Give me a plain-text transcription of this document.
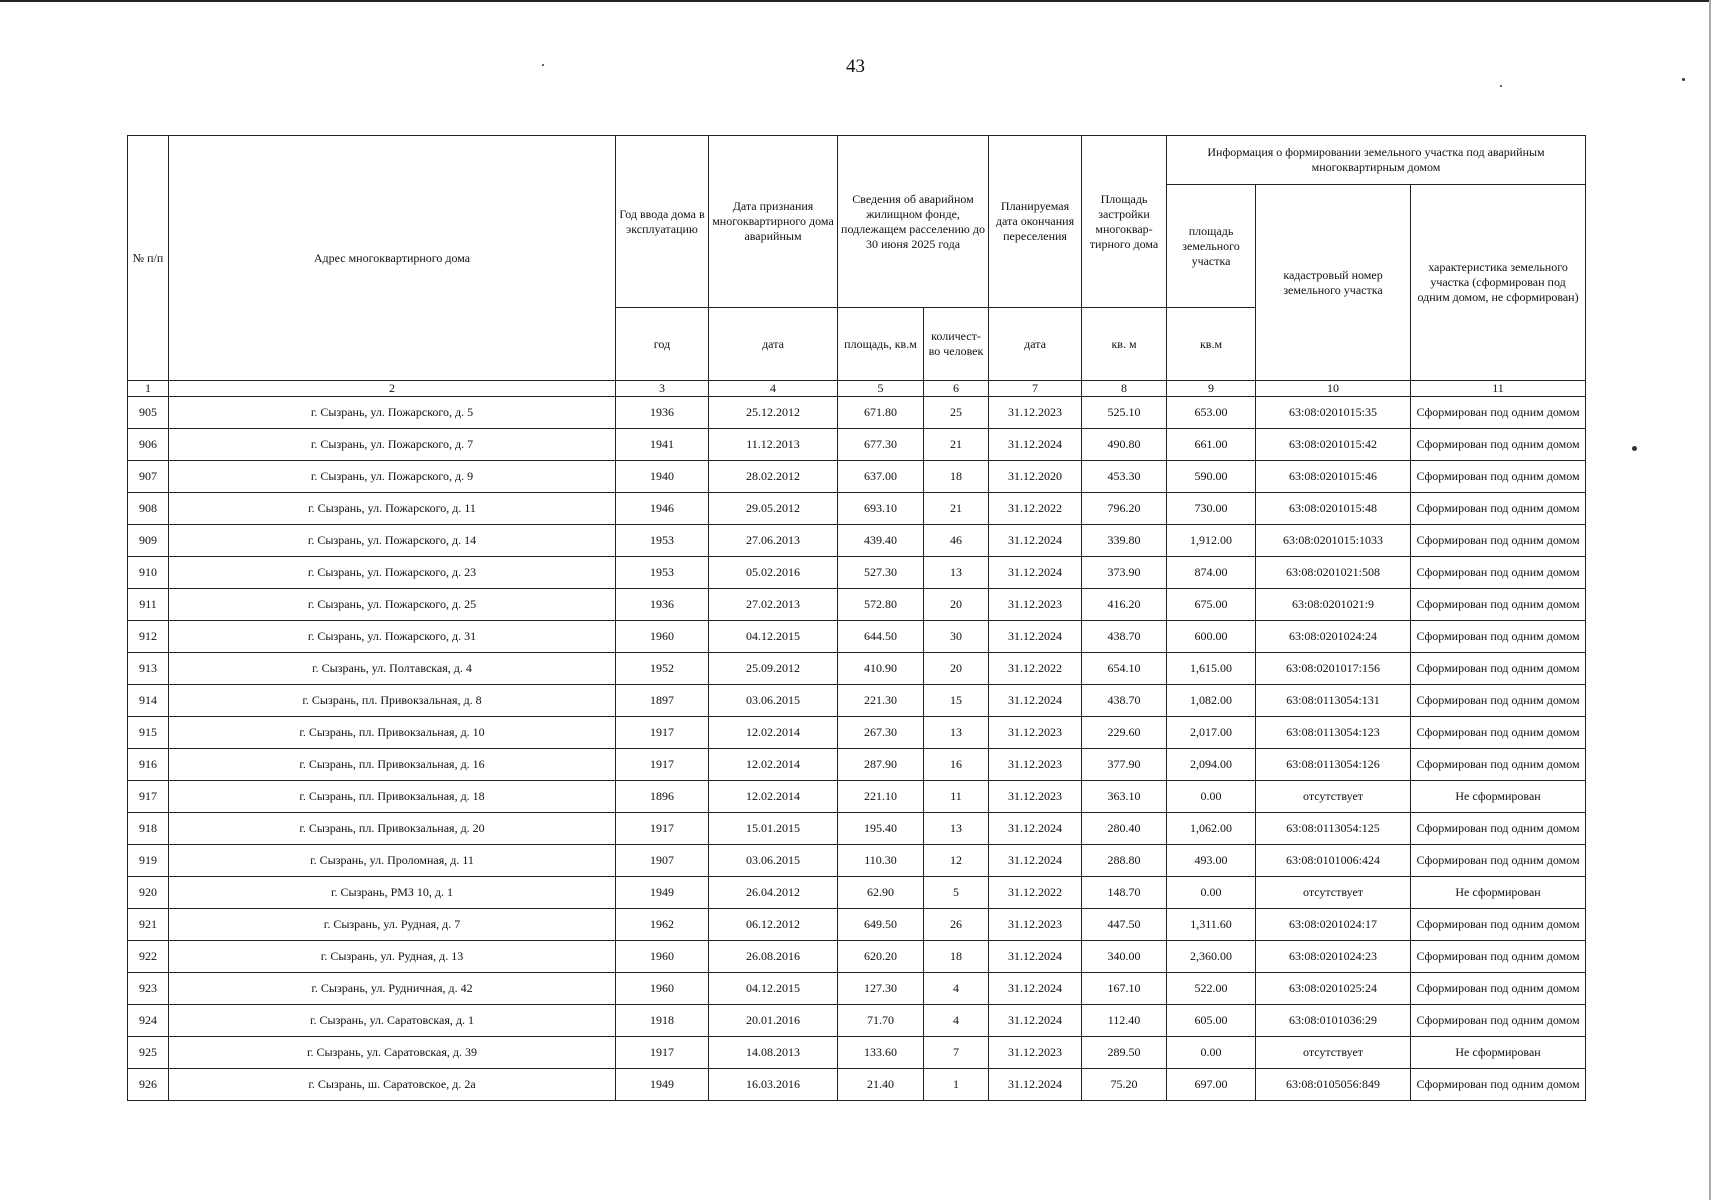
43
№ п/п	Адрес многоквартирного дома	Год ввода дома в эксплуатацию	Дата признания многоквартирного дома аварийным	Сведения об аварийном жилищном фонде, подлежащем расселению до 30 июня 2025 года		Планируемая дата окончания переселения	Площадь застройки многоквар-тирного дома	Информация о формировании земельного участка под аварийным многоквартирным домом		
								площадь земельного участка	кадастровый номер земельного участка	характеристика земельного участка (сформирован под одним домом, не сформирован)
		год	дата	площадь, кв.м	количест-во человек	дата	кв. м	кв.м		
1	2	3	4	5	6	7	8	9	10	11
905	г. Сызрань, ул. Пожарского, д. 5	1936	25.12.2012	671.80	25	31.12.2023	525.10	653.00	63:08:0201015:35	Сформирован под одним домом
906	г. Сызрань, ул. Пожарского, д. 7	1941	11.12.2013	677.30	21	31.12.2024	490.80	661.00	63:08:0201015:42	Сформирован под одним домом
907	г. Сызрань, ул. Пожарского, д. 9	1940	28.02.2012	637.00	18	31.12.2020	453.30	590.00	63:08:0201015:46	Сформирован под одним домом
908	г. Сызрань, ул. Пожарского, д. 11	1946	29.05.2012	693.10	21	31.12.2022	796.20	730.00	63:08:0201015:48	Сформирован под одним домом
909	г. Сызрань, ул. Пожарского, д. 14	1953	27.06.2013	439.40	46	31.12.2024	339.80	1,912.00	63:08:0201015:1033	Сформирован под одним домом
910	г. Сызрань, ул. Пожарского, д. 23	1953	05.02.2016	527.30	13	31.12.2024	373.90	874.00	63:08:0201021:508	Сформирован под одним домом
911	г. Сызрань, ул. Пожарского, д. 25	1936	27.02.2013	572.80	20	31.12.2023	416.20	675.00	63:08:0201021:9	Сформирован под одним домом
912	г. Сызрань, ул. Пожарского, д. 31	1960	04.12.2015	644.50	30	31.12.2024	438.70	600.00	63:08:0201024:24	Сформирован под одним домом
913	г. Сызрань, ул. Полтавская, д. 4	1952	25.09.2012	410.90	20	31.12.2022	654.10	1,615.00	63:08:0201017:156	Сформирован под одним домом
914	г. Сызрань, пл. Привокзальная, д. 8	1897	03.06.2015	221.30	15	31.12.2024	438.70	1,082.00	63:08:0113054:131	Сформирован под одним домом
915	г. Сызрань, пл. Привокзальная, д. 10	1917	12.02.2014	267.30	13	31.12.2023	229.60	2,017.00	63:08:0113054:123	Сформирован под одним домом
916	г. Сызрань, пл. Привокзальная, д. 16	1917	12.02.2014	287.90	16	31.12.2023	377.90	2,094.00	63:08:0113054:126	Сформирован под одним домом
917	г. Сызрань, пл. Привокзальная, д. 18	1896	12.02.2014	221.10	11	31.12.2023	363.10	0.00	отсутствует	Не сформирован
918	г. Сызрань, пл. Привокзальная, д. 20	1917	15.01.2015	195.40	13	31.12.2024	280.40	1,062.00	63:08:0113054:125	Сформирован под одним домом
919	г. Сызрань, ул. Проломная, д. 11	1907	03.06.2015	110.30	12	31.12.2024	288.80	493.00	63:08:0101006:424	Сформирован под одним домом
920	г. Сызрань, РМЗ 10, д. 1	1949	26.04.2012	62.90	5	31.12.2022	148.70	0.00	отсутствует	Не сформирован
921	г. Сызрань, ул. Рудная, д. 7	1962	06.12.2012	649.50	26	31.12.2023	447.50	1,311.60	63:08:0201024:17	Сформирован под одним домом
922	г. Сызрань, ул. Рудная, д. 13	1960	26.08.2016	620.20	18	31.12.2024	340.00	2,360.00	63:08:0201024:23	Сформирован под одним домом
923	г. Сызрань, ул. Рудничная, д. 42	1960	04.12.2015	127.30	4	31.12.2024	167.10	522.00	63:08:0201025:24	Сформирован под одним домом
924	г. Сызрань, ул. Саратовская, д. 1	1918	20.01.2016	71.70	4	31.12.2024	112.40	605.00	63:08:0101036:29	Сформирован под одним домом
925	г. Сызрань, ул. Саратовская, д. 39	1917	14.08.2013	133.60	7	31.12.2023	289.50	0.00	отсутствует	Не сформирован
926	г. Сызрань, ш. Саратовское, д. 2а	1949	16.03.2016	21.40	1	31.12.2024	75.20	697.00	63:08:0105056:849	Сформирован под одним домом
